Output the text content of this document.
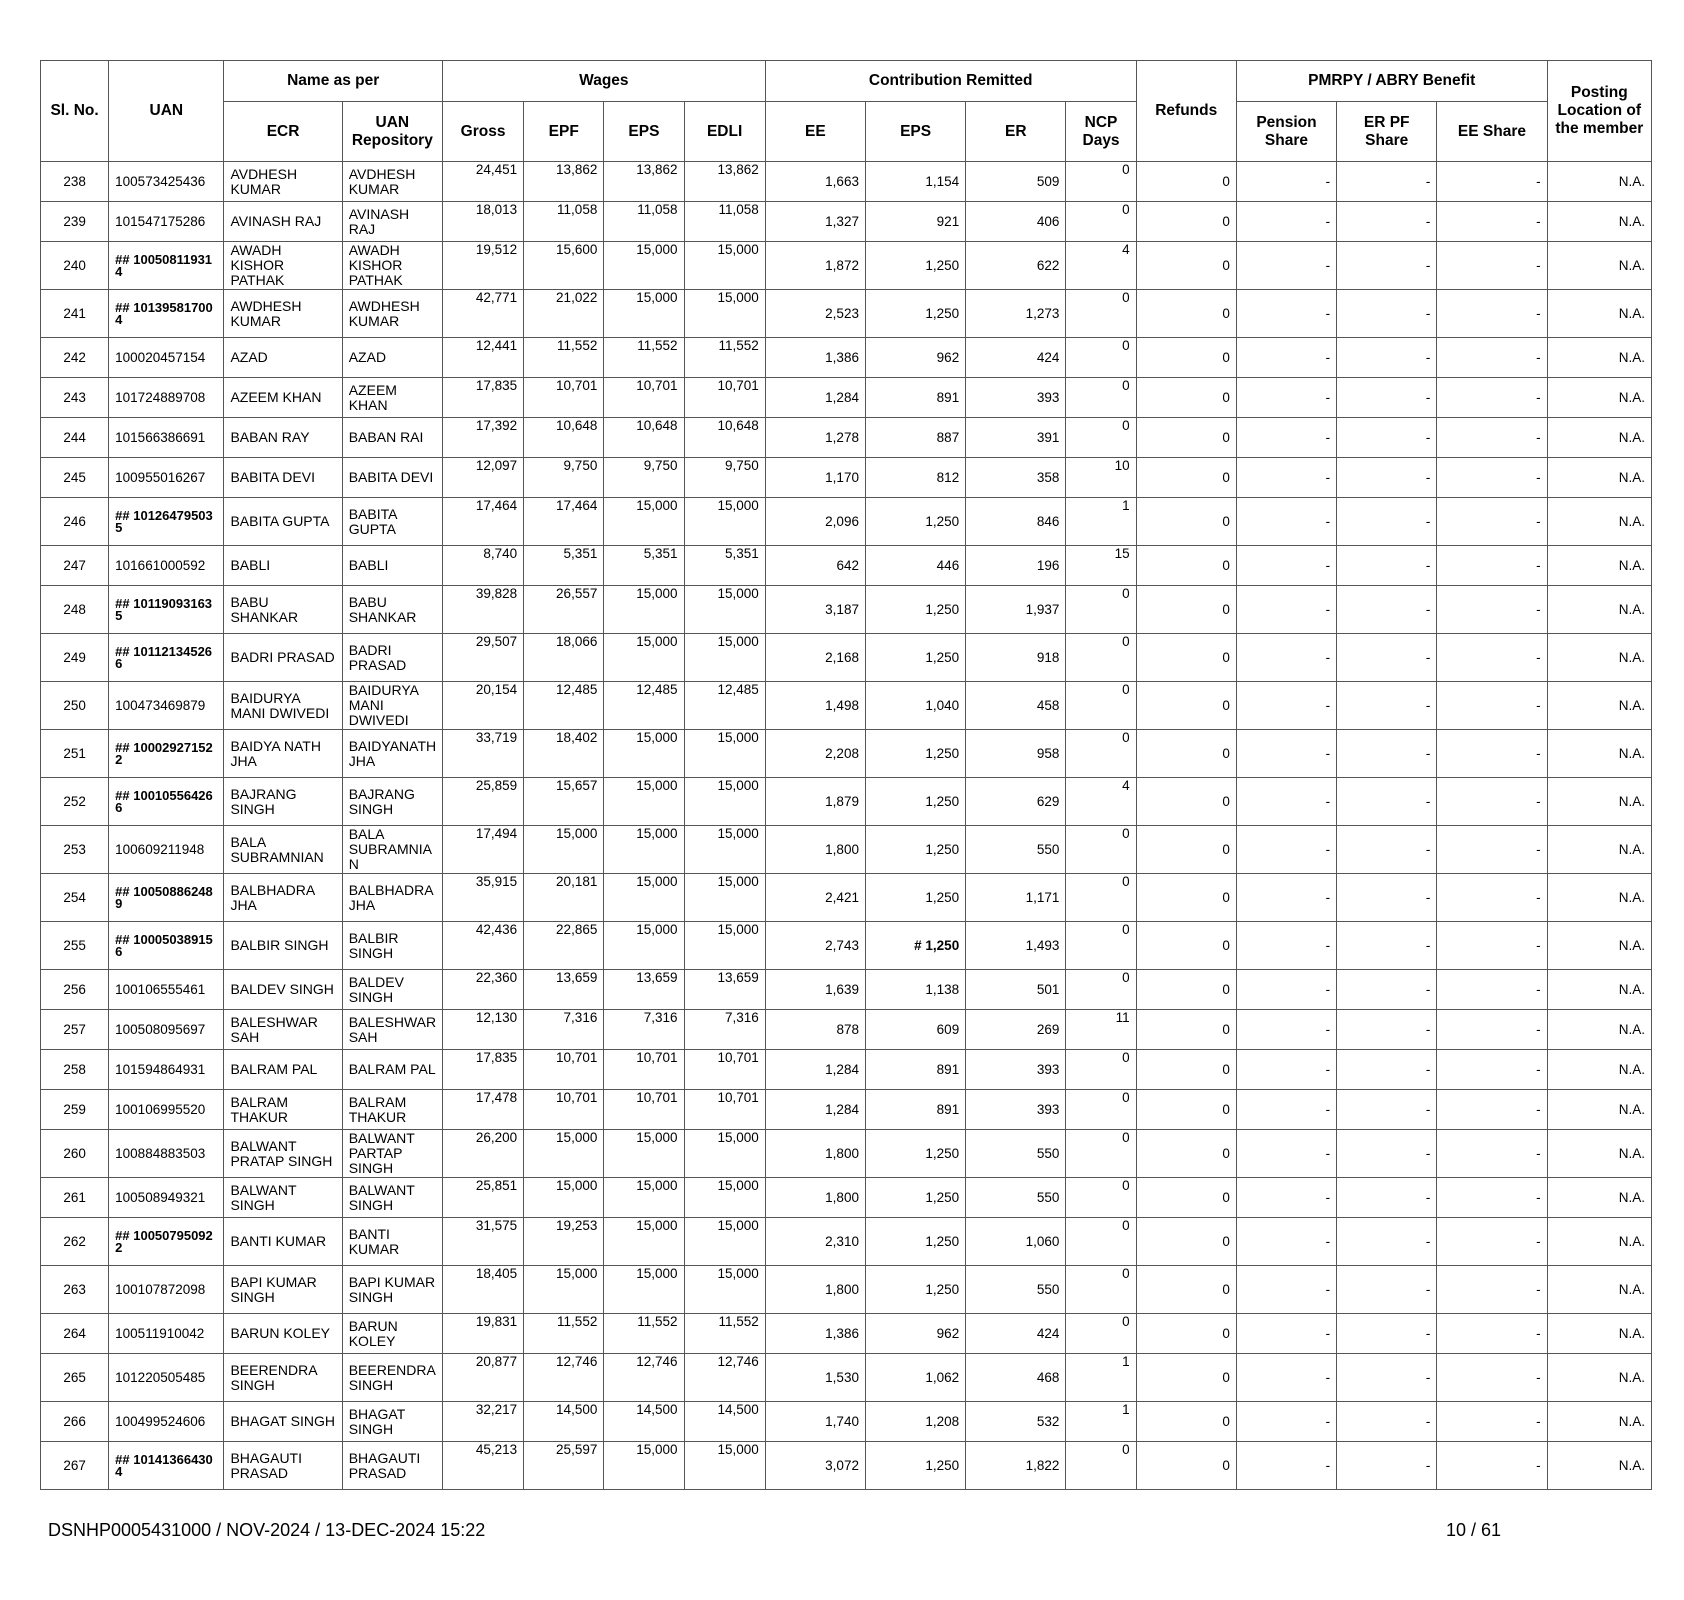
Sl. No.	UAN	Name as per		Wages				Contribution Remitted				Refunds	PMRPY / ABRY Benefit			Posting Location of the member
		ECR	UAN Repository	Gross	EPF	EPS	EDLI	EE	EPS	ER	NCP Days		Pension Share	ER PF Share	EE Share	
238	100573425436	AVDHESH KUMAR	AVDHESH KUMAR	24,451	13,862	13,862	13,862	1,663	1,154	509	0	0	-	-	-	N.A.
239	101547175286	AVINASH RAJ	AVINASH RAJ	18,013	11,058	11,058	11,058	1,327	921	406	0	0	-	-	-	N.A.
240	## 10050811931 4	AWADH KISHOR PATHAK	AWADH KISHOR PATHAK	19,512	15,600	15,000	15,000	1,872	1,250	622	4	0	-	-	-	N.A.
241	## 10139581700 4	AWDHESH KUMAR	AWDHESH KUMAR	42,771	21,022	15,000	15,000	2,523	1,250	1,273	0	0	-	-	-	N.A.
242	100020457154	AZAD	AZAD	12,441	11,552	11,552	11,552	1,386	962	424	0	0	-	-	-	N.A.
243	101724889708	AZEEM KHAN	AZEEM KHAN	17,835	10,701	10,701	10,701	1,284	891	393	0	0	-	-	-	N.A.
244	101566386691	BABAN RAY	BABAN RAI	17,392	10,648	10,648	10,648	1,278	887	391	0	0	-	-	-	N.A.
245	100955016267	BABITA DEVI	BABITA DEVI	12,097	9,750	9,750	9,750	1,170	812	358	10	0	-	-	-	N.A.
246	## 10126479503 5	BABITA GUPTA	BABITA GUPTA	17,464	17,464	15,000	15,000	2,096	1,250	846	1	0	-	-	-	N.A.
247	101661000592	BABLI	BABLI	8,740	5,351	5,351	5,351	642	446	196	15	0	-	-	-	N.A.
248	## 10119093163 5	BABU SHANKAR	BABU SHANKAR	39,828	26,557	15,000	15,000	3,187	1,250	1,937	0	0	-	-	-	N.A.
249	## 10112134526 6	BADRI PRASAD	BADRI PRASAD	29,507	18,066	15,000	15,000	2,168	1,250	918	0	0	-	-	-	N.A.
250	100473469879	BAIDURYA MANI DWIVEDI	BAIDURYA MANI DWIVEDI	20,154	12,485	12,485	12,485	1,498	1,040	458	0	0	-	-	-	N.A.
251	## 10002927152 2	BAIDYA NATH JHA	BAIDYANATH JHA	33,719	18,402	15,000	15,000	2,208	1,250	958	0	0	-	-	-	N.A.
252	## 10010556426 6	BAJRANG SINGH	BAJRANG SINGH	25,859	15,657	15,000	15,000	1,879	1,250	629	4	0	-	-	-	N.A.
253	100609211948	BALA SUBRAMNIAN	BALA SUBRAMNIA N	17,494	15,000	15,000	15,000	1,800	1,250	550	0	0	-	-	-	N.A.
254	## 10050886248 9	BALBHADRA JHA	BALBHADRA JHA	35,915	20,181	15,000	15,000	2,421	1,250	1,171	0	0	-	-	-	N.A.
255	## 10005038915 6	BALBIR SINGH	BALBIR SINGH	42,436	22,865	15,000	15,000	2,743	# 1,250	1,493	0	0	-	-	-	N.A.
256	100106555461	BALDEV SINGH	BALDEV SINGH	22,360	13,659	13,659	13,659	1,639	1,138	501	0	0	-	-	-	N.A.
257	100508095697	BALESHWAR SAH	BALESHWAR SAH	12,130	7,316	7,316	7,316	878	609	269	11	0	-	-	-	N.A.
258	101594864931	BALRAM PAL	BALRAM PAL	17,835	10,701	10,701	10,701	1,284	891	393	0	0	-	-	-	N.A.
259	100106995520	BALRAM THAKUR	BALRAM THAKUR	17,478	10,701	10,701	10,701	1,284	891	393	0	0	-	-	-	N.A.
260	100884883503	BALWANT PRATAP SINGH	BALWANT PARTAP SINGH	26,200	15,000	15,000	15,000	1,800	1,250	550	0	0	-	-	-	N.A.
261	100508949321	BALWANT SINGH	BALWANT SINGH	25,851	15,000	15,000	15,000	1,800	1,250	550	0	0	-	-	-	N.A.
262	## 10050795092 2	BANTI KUMAR	BANTI KUMAR	31,575	19,253	15,000	15,000	2,310	1,250	1,060	0	0	-	-	-	N.A.
263	100107872098	BAPI KUMAR SINGH	BAPI KUMAR SINGH	18,405	15,000	15,000	15,000	1,800	1,250	550	0	0	-	-	-	N.A.
264	100511910042	BARUN KOLEY	BARUN KOLEY	19,831	11,552	11,552	11,552	1,386	962	424	0	0	-	-	-	N.A.
265	101220505485	BEERENDRA SINGH	BEERENDRA SINGH	20,877	12,746	12,746	12,746	1,530	1,062	468	1	0	-	-	-	N.A.
266	100499524606	BHAGAT SINGH	BHAGAT SINGH	32,217	14,500	14,500	14,500	1,740	1,208	532	1	0	-	-	-	N.A.
267	## 10141366430 4	BHAGAUTI PRASAD	BHAGAUTI PRASAD	45,213	25,597	15,000	15,000	3,072	1,250	1,822	0	0	-	-	-	N.A.
DSNHP0005431000 / NOV-2024 / 13-DEC-2024 15:22	10 / 61
